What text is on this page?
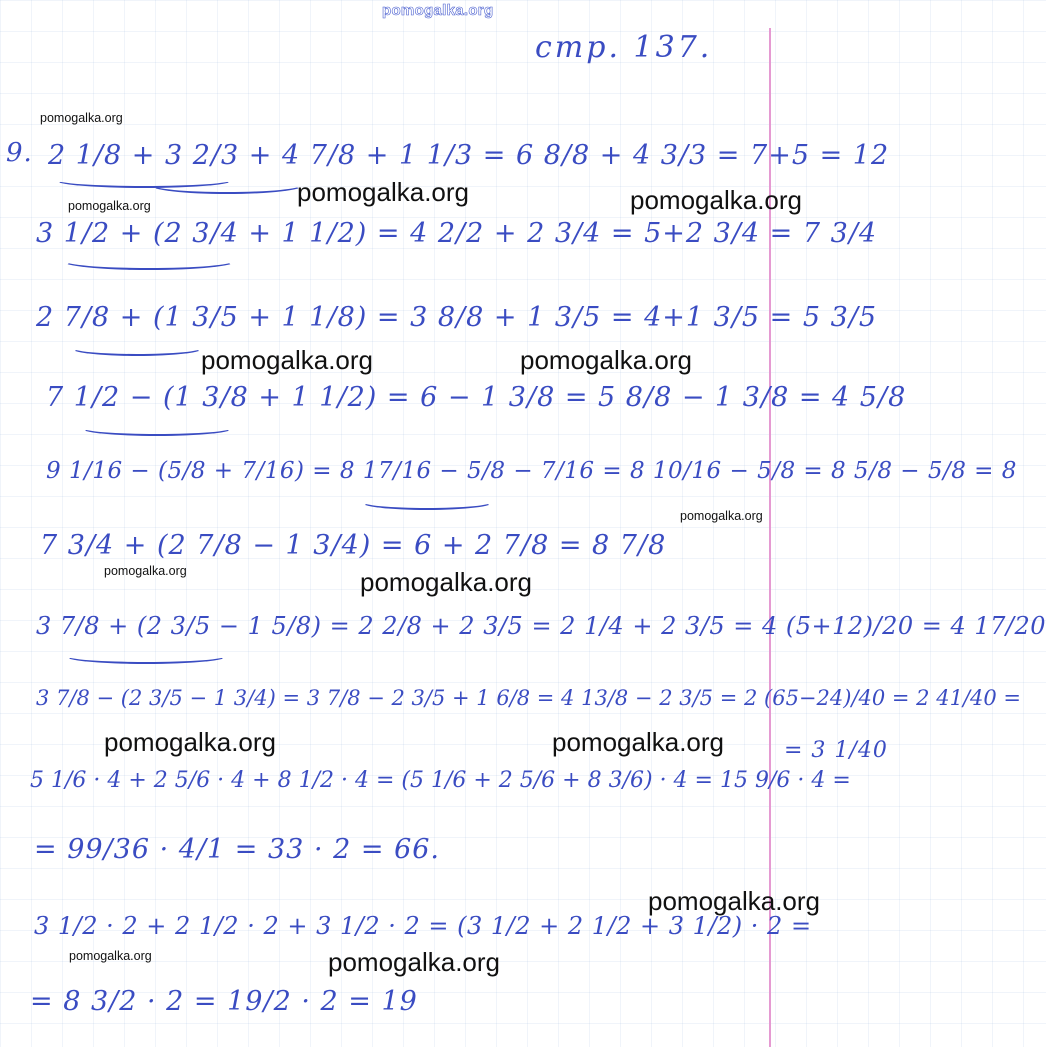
pomogalka.org
pomogalka.org
pomogalka.org	pomogalka.org	pomogalka.org
pomogalka.org	pomogalka.org
pomogalka.org
pomogalka.org	pomogalka.org
pomogalka.org	pomogalka.org
pomogalka.org
pomogalka.org	pomogalka.org
стр. 137.
9. 2 1/8 + 3 2/3 + 4 7/8 + 1 1/3 = 6 8/8 + 4 3/3 = 7+5 = 12
3 1/2 + (2 3/4 + 1 1/2) = 4 2/2 + 2 3/4 = 5+2 3/4 = 7 3/4
2 7/8 + (1 3/5 + 1 1/8) = 3 8/8 + 1 3/5 = 4+1 3/5 = 5 3/5
7 1/2 − (1 3/8 + 1 1/2) = 6 − 1 3/8 = 5 8/8 − 1 3/8 = 4 5/8
9 1/16 − (5/8 + 7/16) = 8 17/16 − 5/8 − 7/16 = 8 10/16 − 5/8 = 8 5/8 − 5/8 = 8
7 3/4 + (2 7/8 − 1 3/4) = 6 + 2 7/8 = 8 7/8
3 7/8 + (2 3/5 − 1 5/8) = 2 2/8 + 2 3/5 = 2 1/4 + 2 3/5 = 4 (5+12)/20 = 4 17/20
3 7/8 − (2 3/5 − 1 3/4) = 3 7/8 − 2 3/5 + 1 6/8 = 4 13/8 − 2 3/5 = 2 (65−24)/40 = 2 41/40 =
= 3 1/40
5 1/6 · 4 + 2 5/6 · 4 + 8 1/2 · 4 = (5 1/6 + 2 5/6 + 8 3/6) · 4 = 15 9/6 · 4 =
= 99/36 · 4/1 = 33 · 2 = 66.
3 1/2 · 2 + 2 1/2 · 2 + 3 1/2 · 2 = (3 1/2 + 2 1/2 + 3 1/2) · 2 =
= 8 3/2 · 2 = 19/2 · 2 = 19
